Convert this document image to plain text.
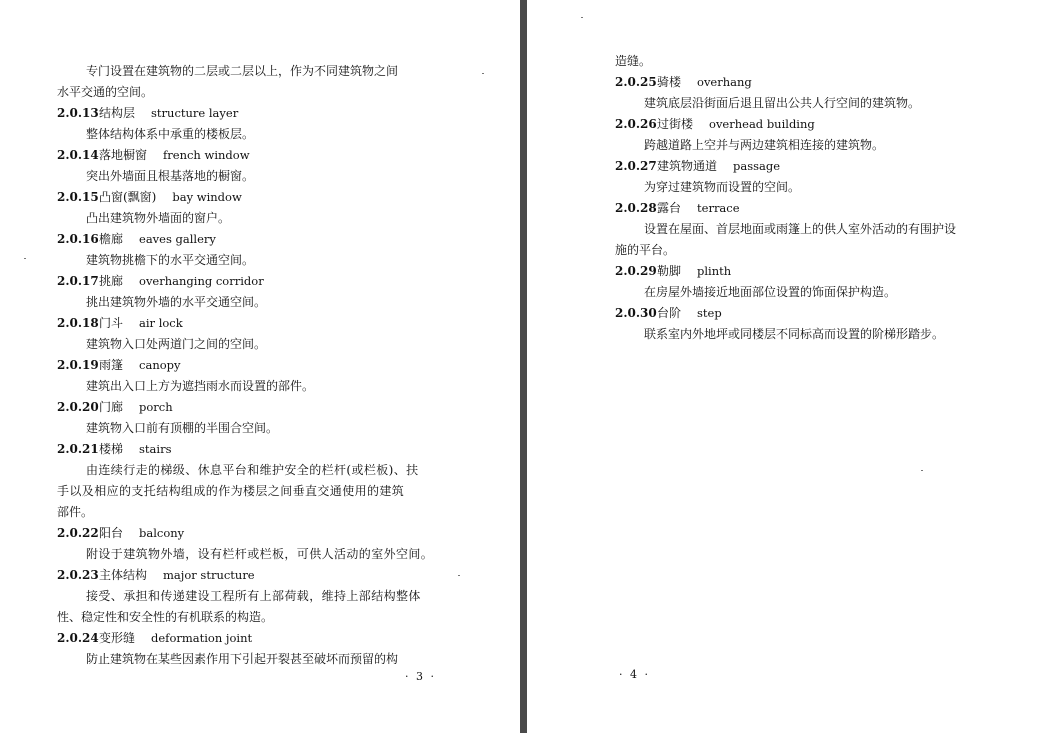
专门设置在建筑物的二层或二层以上，作为不同建筑物之间
水平交通的空间。
2.0.13结构层 structure layer
整体结构体系中承重的楼板层。
2.0.14落地橱窗 french window
突出外墙面且根基落地的橱窗。
2.0.15凸窗(飘窗) bay window
凸出建筑物外墙面的窗户。
2.0.16檐廊 eaves gallery
建筑物挑檐下的水平交通空间。
2.0.17挑廊 overhanging corridor
挑出建筑物外墙的水平交通空间。
2.0.18门斗 air lock
建筑物入口处两道门之间的空间。
2.0.19雨篷 canopy
建筑出入口上方为遮挡雨水而设置的部件。
2.0.20门廊 porch
建筑物入口前有顶棚的半围合空间。
2.0.21楼梯 stairs
由连续行走的梯级、休息平台和维护安全的栏杆(或栏板)、扶
手以及相应的支托结构组成的作为楼层之间垂直交通使用的建筑
部件。
2.0.22阳台 balcony
附设于建筑物外墙，设有栏杆或栏板，可供人活动的室外空间。
2.0.23主体结构 major structure
接受、承担和传递建设工程所有上部荷载，维持上部结构整体
性、稳定性和安全性的有机联系的构造。
2.0.24变形缝 deformation joint
防止建筑物在某些因素作用下引起开裂甚至破坏而预留的构
· 3 ·
造缝。
2.0.25骑楼 overhang
建筑底层沿街面后退且留出公共人行空间的建筑物。
2.0.26过街楼 overhead building
跨越道路上空并与两边建筑相连接的建筑物。
2.0.27建筑物通道 passage
为穿过建筑物而设置的空间。
2.0.28露台 terrace
设置在屋面、首层地面或雨篷上的供人室外活动的有围护设
施的平台。
2.0.29勒脚 plinth
在房屋外墙接近地面部位设置的饰面保护构造。
2.0.30台阶 step
联系室内外地坪或同楼层不同标高而设置的阶梯形踏步。
· 4 ·
